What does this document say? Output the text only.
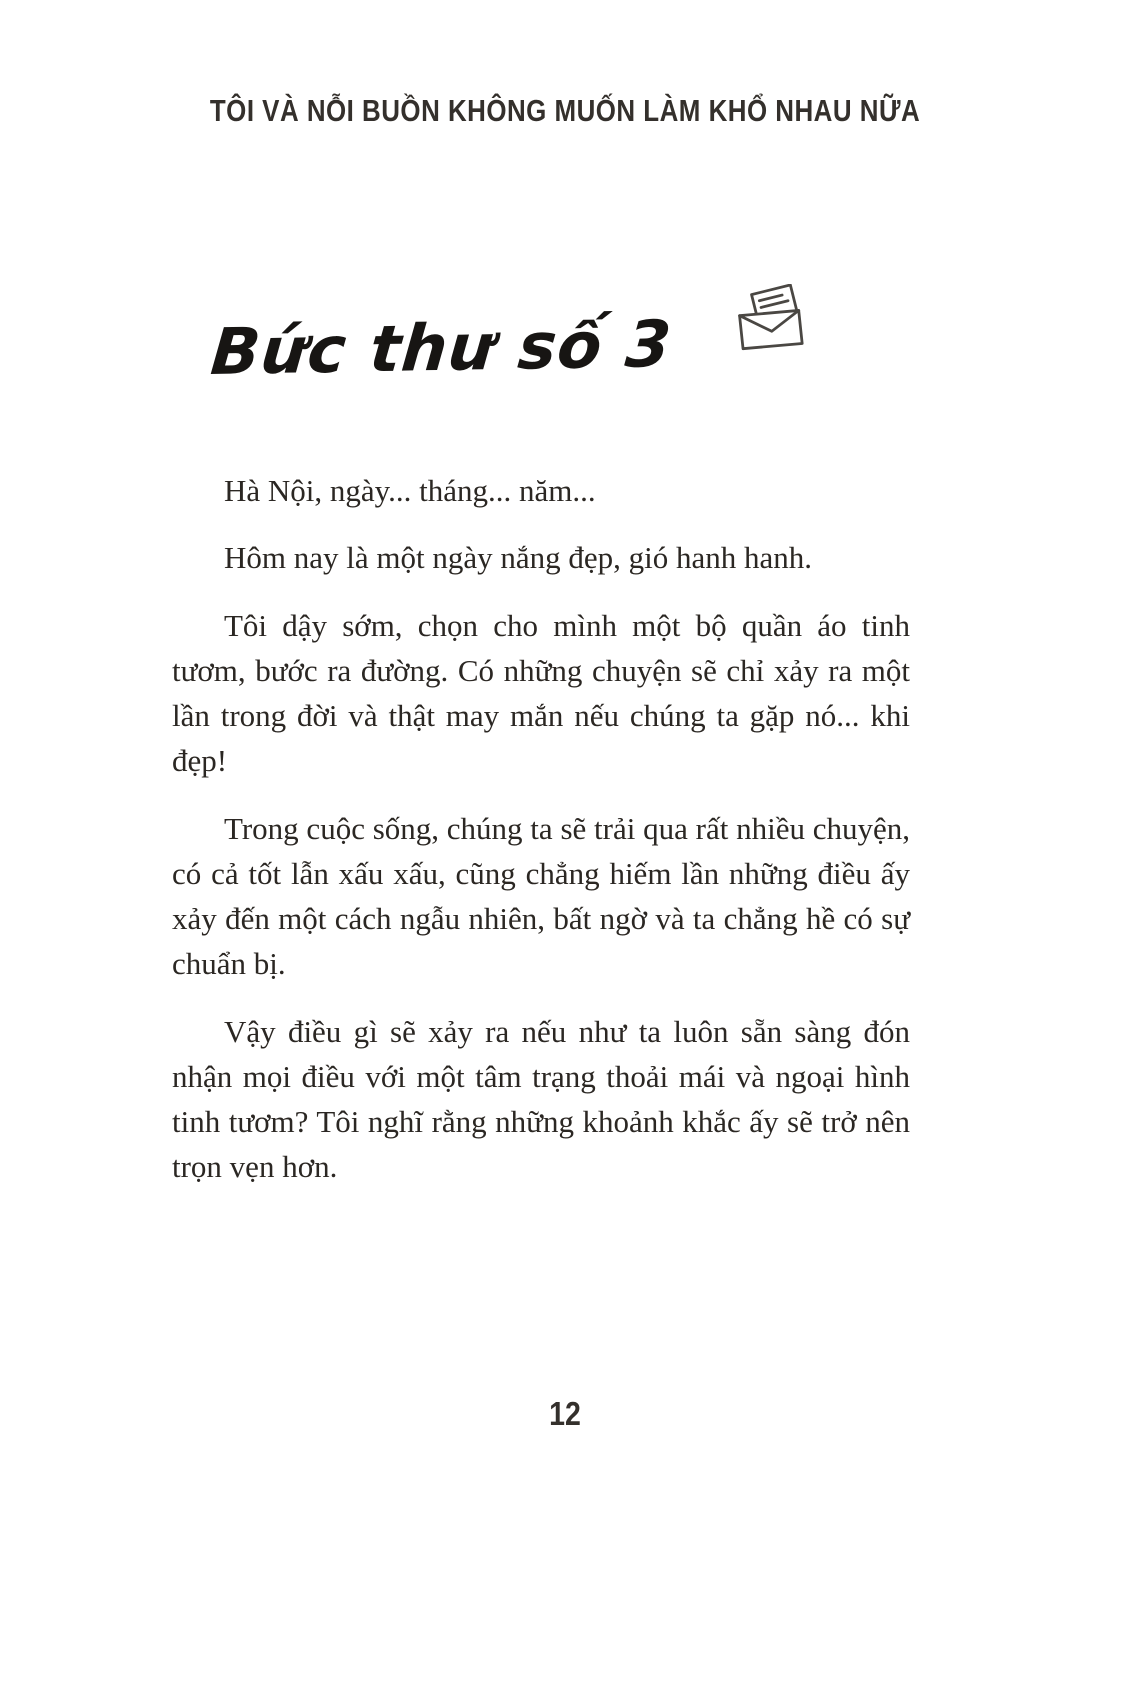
TÔI VÀ NỖI BUỒN KHÔNG MUỐN LÀM KHỔ NHAU NỮA
Bức thư số 3

Hà Nội, ngày... tháng... năm...

Hôm nay là một ngày nắng đẹp, gió hanh hanh.

Tôi dậy sớm, chọn cho mình một bộ quần áo tinh tươm, bước ra đường. Có những chuyện sẽ chỉ xảy ra một lần trong đời và thật may mắn nếu chúng ta gặp nó... khi đẹp!

Trong cuộc sống, chúng ta sẽ trải qua rất nhiều chuyện, có cả tốt lẫn xấu xấu, cũng chẳng hiếm lần những điều ấy xảy đến một cách ngẫu nhiên, bất ngờ và ta chẳng hề có sự chuẩn bị.

Vậy điều gì sẽ xảy ra nếu như ta luôn sẵn sàng đón nhận mọi điều với một tâm trạng thoải mái và ngoại hình tinh tươm? Tôi nghĩ rằng những khoảnh khắc ấy sẽ trở nên trọn vẹn hơn.

12
